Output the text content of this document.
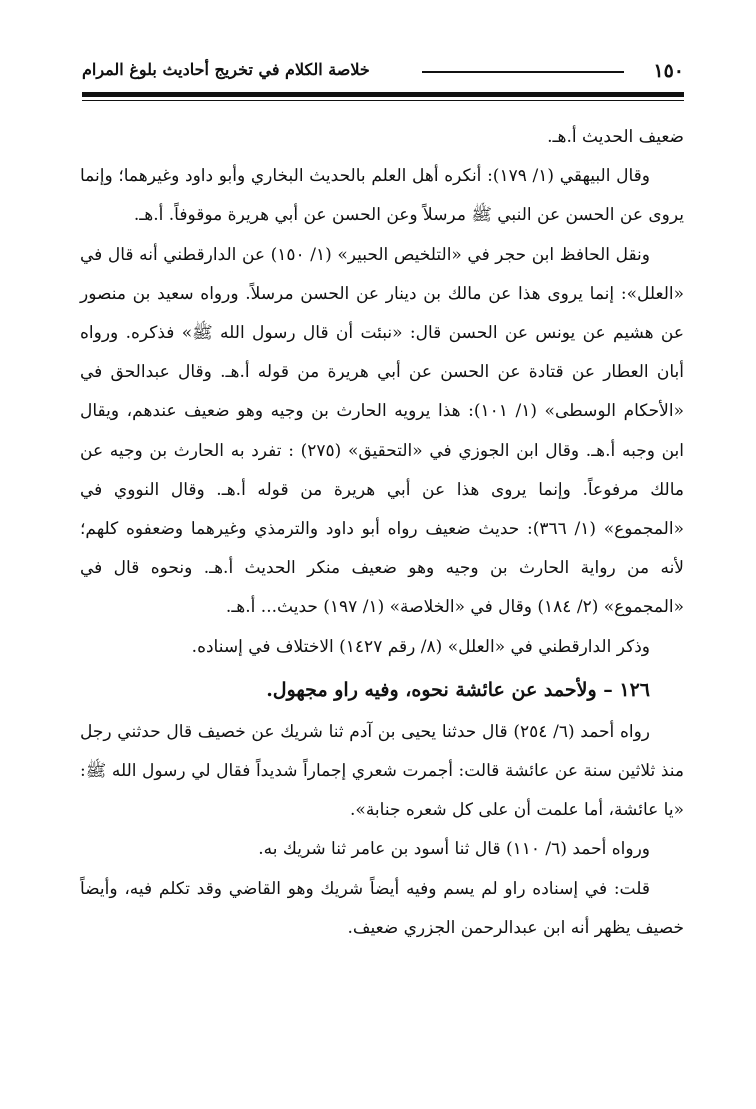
١٥٠
خلاصة الكلام في تخريج أحاديث بلوغ المرام

ضعيف الحديث أ.هـ.

وقال البيهقي (١/ ١٧٩): أنكره أهل العلم بالحديث البخاري وأبو داود وغيرهما؛ وإنما يروى عن الحسن عن النبي ﷺ مرسلاً وعن الحسن عن أبي هريرة موقوفاً. أ.هـ.

ونقل الحافظ ابن حجر في «التلخيص الحبير» (١/ ١٥٠) عن الدارقطني أنه قال في «العلل»: إنما يروى هذا عن مالك بن دينار عن الحسن مرسلاً. ورواه سعيد بن منصور عن هشيم عن يونس عن الحسن قال: «نبئت أن قال رسول الله ﷺ» فذكره. ورواه أبان العطار عن قتادة عن الحسن عن أبي هريرة من قوله أ.هـ. وقال عبدالحق في «الأحكام الوسطى» (١/ ١٠١): هذا يرويه الحارث بن وجيه وهو ضعيف عندهم، ويقال ابن وجبه أ.هـ. وقال ابن الجوزي في «التحقيق» (٢٧٥) : تفرد به الحارث بن وجيه عن مالك مرفوعاً. وإنما يروى هذا عن أبي هريرة من قوله أ.هـ. وقال النووي في «المجموع» (١/ ٣٦٦): حديث ضعيف رواه أبو داود والترمذي وغيرهما وضعفوه كلهم؛ لأنه من رواية الحارث بن وجيه وهو ضعيف منكر الحديث أ.هـ. ونحوه قال في «المجموع» (٢/ ١٨٤) وقال في «الخلاصة» (١/ ١٩٧) حديث... أ.هـ.

وذكر الدارقطني في «العلل» (٨/ رقم ١٤٢٧) الاختلاف في إسناده.

١٢٦ – ولأحمد عن عائشة نحوه، وفيه راو مجهول.

رواه أحمد (٦/ ٢٥٤) قال حدثنا يحيى بن آدم ثنا شريك عن خصيف قال حدثني رجل منذ ثلاثين سنة عن عائشة قالت: أجمرت شعري إجماراً شديداً فقال لي رسول الله ﷺ: «يا عائشة، أما علمت أن على كل شعره جنابة».

ورواه أحمد (٦/ ١١٠) قال ثنا أسود بن عامر ثنا شريك به.

قلت: في إسناده راو لم يسم وفيه أيضاً شريك وهو القاضي وقد تكلم فيه، وأيضاً خصيف يظهر أنه ابن عبدالرحمن الجزري ضعيف.
